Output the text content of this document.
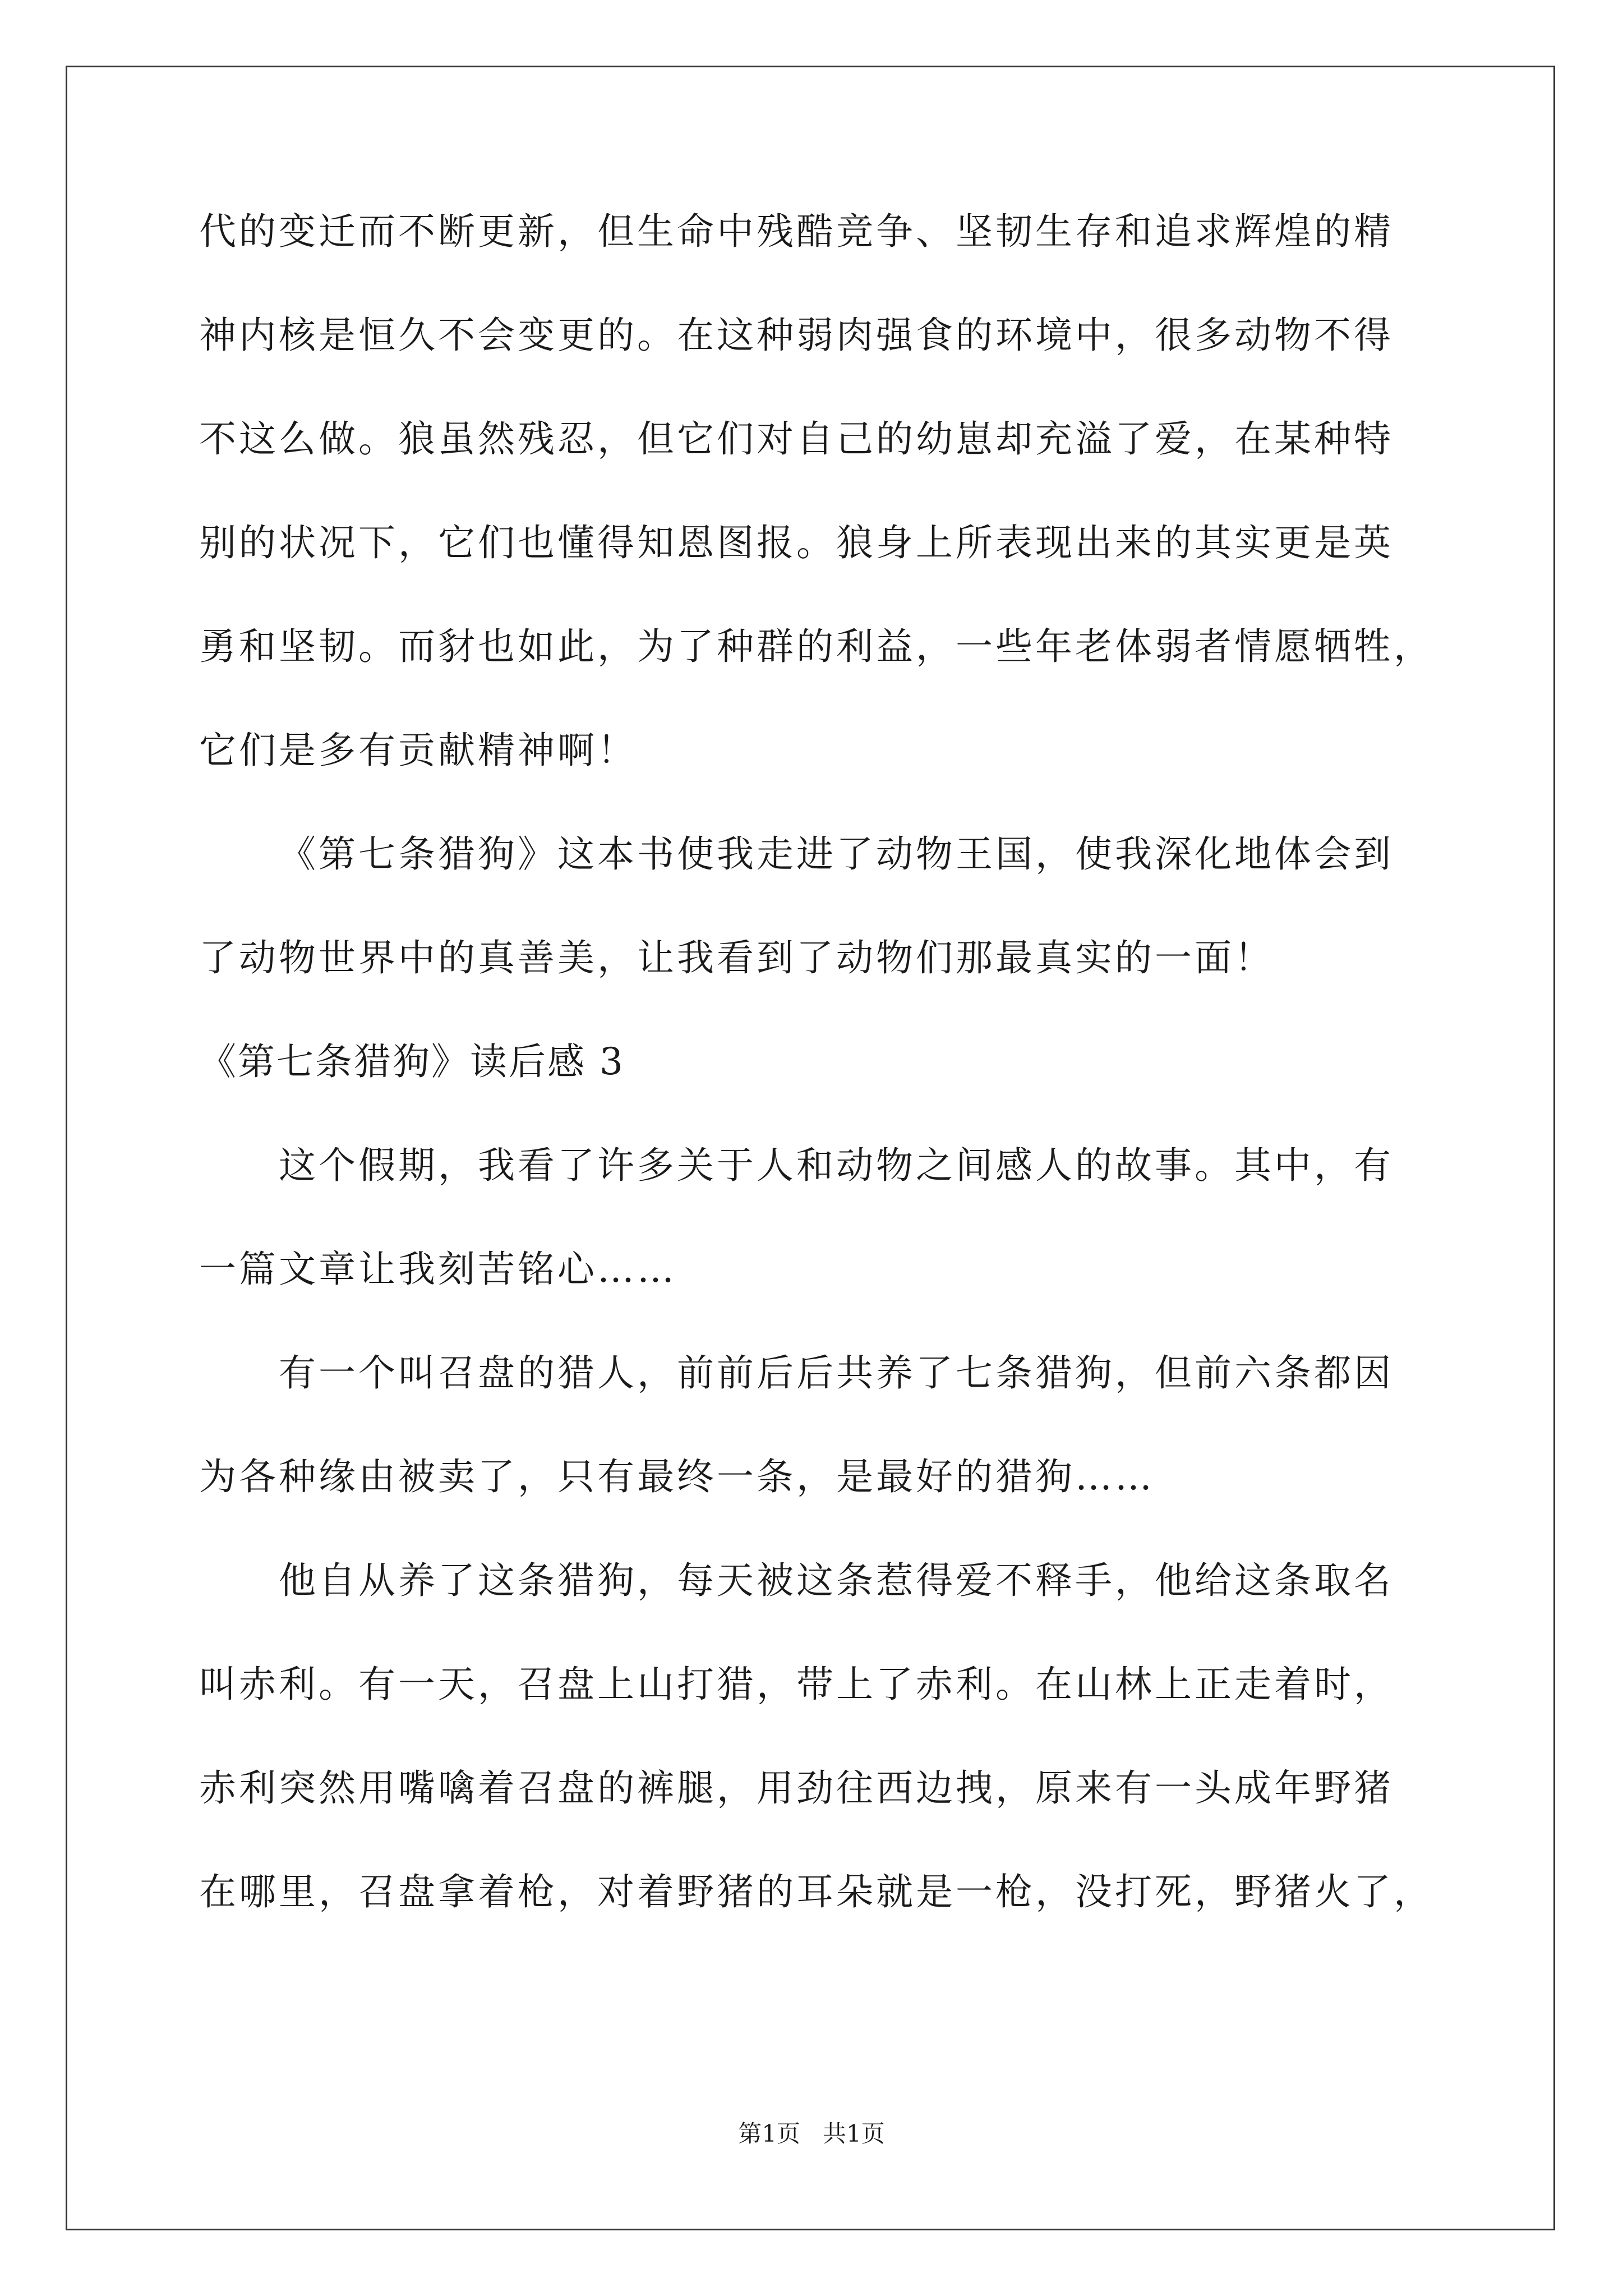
代的变迁而不断更新，但生命中残酷竞争、坚韧生存和追求辉煌的精
神内核是恒久不会变更的。在这种弱肉强食的环境中，很多动物不得
不这么做。狼虽然残忍，但它们对自己的幼崽却充溢了爱，在某种特
别的状况下，它们也懂得知恩图报。狼身上所表现出来的其实更是英
勇和坚韧。而豺也如此，为了种群的利益，一些年老体弱者情愿牺牲，
它们是多有贡献精神啊！
《第七条猎狗》这本书使我走进了动物王国，使我深化地体会到
了动物世界中的真善美，让我看到了动物们那最真实的一面！
《第七条猎狗》读后感 3
这个假期，我看了许多关于人和动物之间感人的故事。其中，有
一篇文章让我刻苦铭心……
有一个叫召盘的猎人，前前后后共养了七条猎狗，但前六条都因
为各种缘由被卖了，只有最终一条，是最好的猎狗……
他自从养了这条猎狗，每天被这条惹得爱不释手，他给这条取名
叫赤利。有一天，召盘上山打猎，带上了赤利。在山林上正走着时，
赤利突然用嘴噙着召盘的裤腿，用劲往西边拽，原来有一头成年野猪
在哪里，召盘拿着枪，对着野猪的耳朵就是一枪，没打死，野猪火了，
第1页   共1页
